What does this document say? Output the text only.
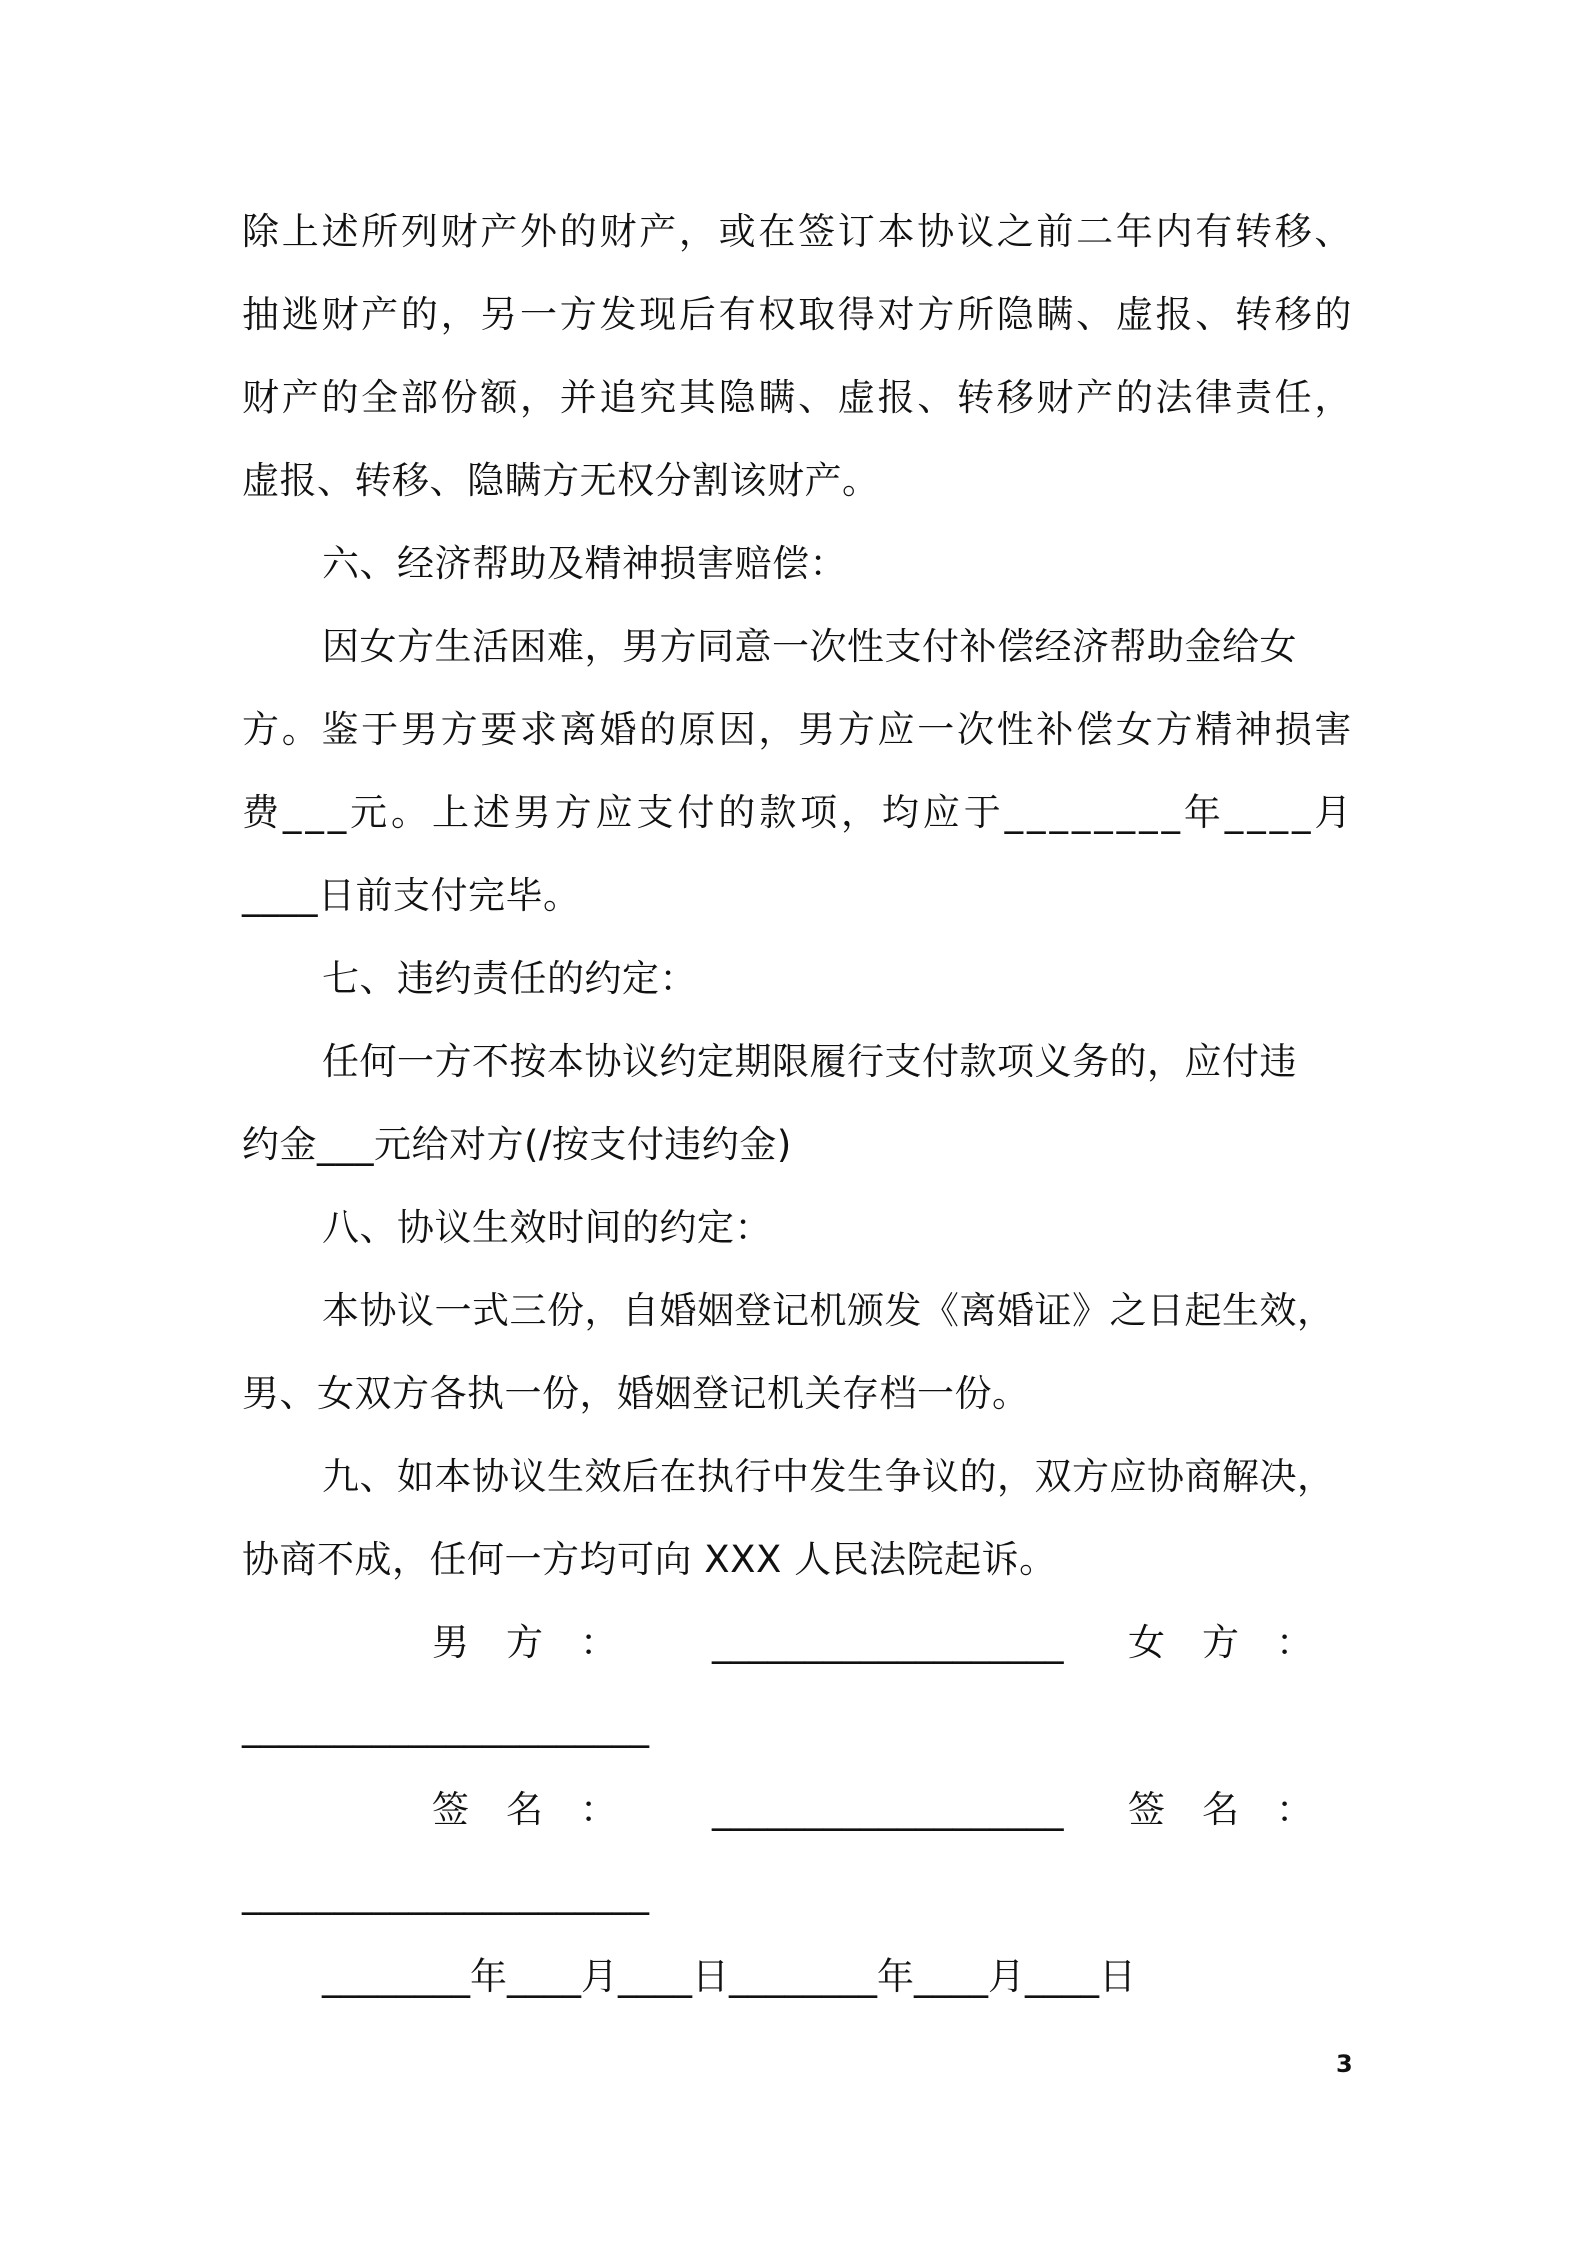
除 上 述 所 列 财 产 外 的 财 产 ， 或 在 签 订 本 协 议 之 前 二 年 内 有 转 移 、
抽 逃 财 产 的 ， 另 一 方 发 现 后 有 权 取 得 对 方 所 隐 瞒 、 虚 报 、 转 移 的
财 产 的 全 部 份 额 ， 并 追 究 其 隐 瞒 、 虚 报 、 转 移 财 产 的 法 律 责 任 ，
虚报、转移、隐瞒方无权分割该财产。
六、经济帮助及精神损害赔偿：
因女方生活困难，男方同意一次性支付补偿经济帮助金给女
方 。 鉴 于 男 方 要 求 离 婚 的 原 因 ， 男 方 应 一 次 性 补 偿 女 方 精 神 损 害
费 _ _ _ 元 。 上 述 男 方 应 支 付 的 款 项 ， 均 应 于 _ _ _ _ _ _ _ _ 年 _ _ _ _ 月
____日前支付完毕。
七、违约责任的约定：
任何一方不按本协议约定期限履行支付款项义务的，应付违
约金___元给对方(/按支付违约金)
八、协议生效时间的约定：
本协议一式三份，自婚姻登记机颁发《离婚证》之日起生效，
男、女双方各执一份，婚姻登记机关存档一份。
九、如本协议生效后在执行中发生争议的，双方应协商解决，
协商不成，任何一方均可向 XXX 人民法院起诉。
男　方　：	___________________ 女　方　：
______________________
签　名　：	___________________ 签　名　：
______________________
________年____月____日________年____月____日
3
